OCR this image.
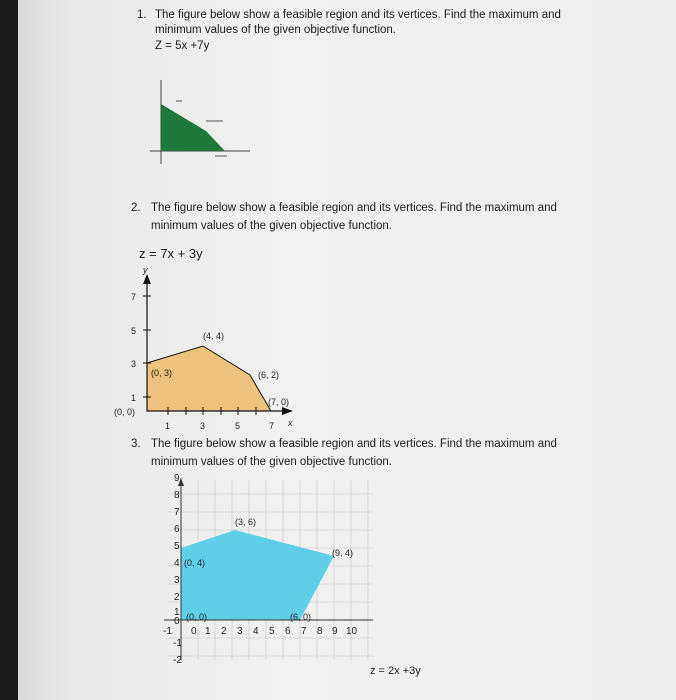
1. The figure below show a feasible region and its vertices. Find the maximum and
minimum values of the given objective function.
Z = 5x +7y
2. The figure below show a feasible region and its vertices. Find the maximum and
minimum values of the given objective function.
z = 7x + 3y
y
7
5
3
1
1	3	5	7 x
(0, 0)
(0, 3)
(4, 4)
(6, 2)
(7, 0)
3. The figure below show a feasible region and its vertices. Find the maximum and
minimum values of the given objective function.
9
8
7
6
5
4
3
2
1
0
-1
-2
-1 0 1 2 3 4 5 6 7 8 9 10
(0, 4)
(3, 6)
(9, 4)
(0, 0)	(6, 0)
z = 2x +3y
